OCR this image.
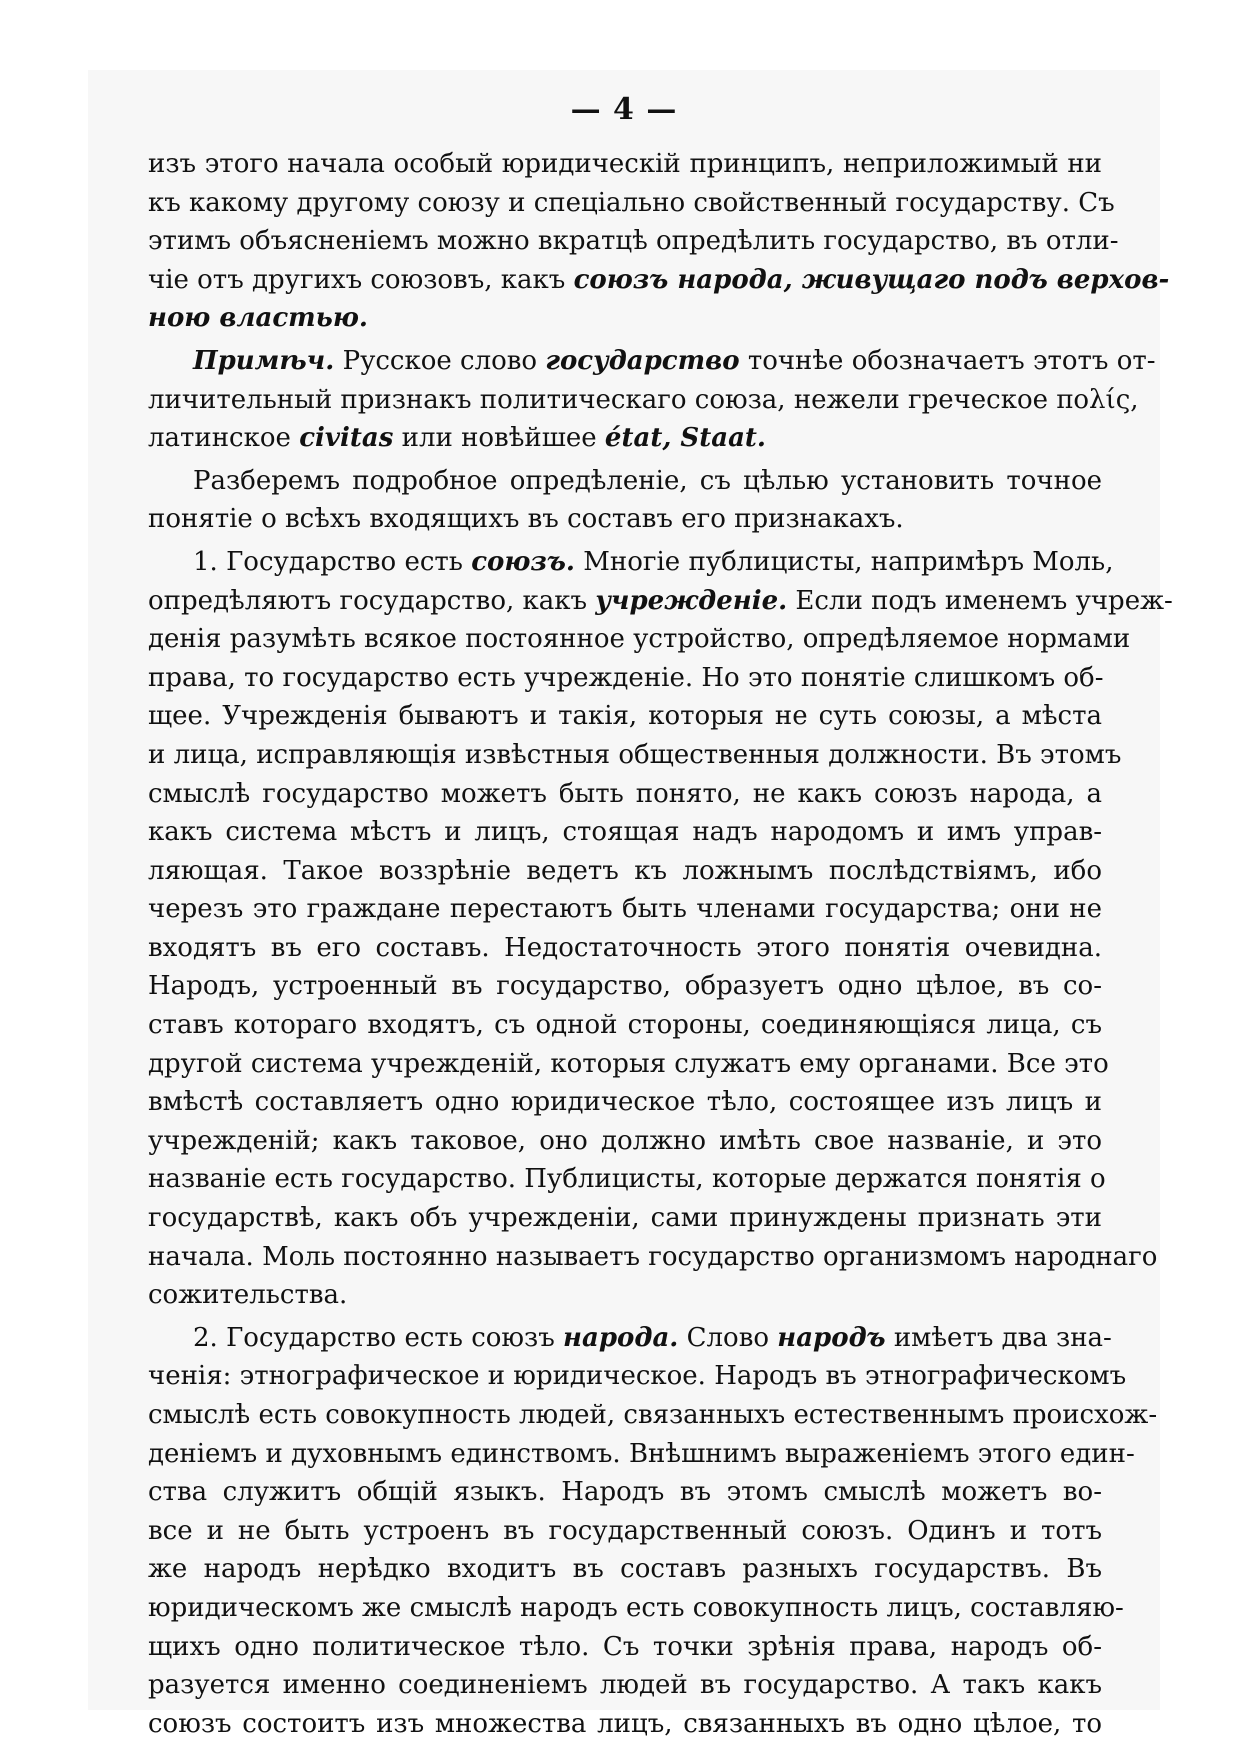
— 4 —
изъ этого начала особый юридическій принципъ, неприложимый ни
къ какому другому союзу и спеціально свойственный государству. Съ
этимъ объясненіемъ можно вкратцѣ опредѣлить государство, въ отли-
чіе отъ другихъ союзовъ, какъ союзъ народа, живущаго подъ верхов-
ною властью.
Примѣч. Русское слово государство точнѣе обозначаетъ этотъ от-
личительный признакъ политическаго союза, нежели греческое πολίς,
латинское civitas или новѣйшее état, Staat.
Разберемъ подробное опредѣленіе, съ цѣлью установить точное
понятіе о всѣхъ входящихъ въ составъ его признакахъ.
1. Государство есть союзъ. Многіе публицисты, напримѣръ Моль,
опредѣляютъ государство, какъ учрежденіе. Если подъ именемъ учреж-
денія разумѣть всякое постоянное устройство, опредѣляемое нормами
права, то государство есть учрежденіе. Но это понятіе слишкомъ об-
щее. Учрежденія бываютъ и такія, которыя не суть союзы, а мѣста
и лица, исправляющія извѣстныя общественныя должности. Въ этомъ
смыслѣ государство можетъ быть понято, не какъ союзъ народа, а
какъ система мѣстъ и лицъ, стоящая надъ народомъ и имъ управ-
ляющая. Такое воззрѣніе ведетъ къ ложнымъ послѣдствіямъ, ибо
черезъ это граждане перестаютъ быть членами государства; они не
входятъ въ его составъ. Недостаточность этого понятія очевидна.
Народъ, устроенный въ государство, образуетъ одно цѣлое, въ со-
ставъ котораго входятъ, съ одной стороны, соединяющіяся лица, съ
другой система учрежденій, которыя служатъ ему органами. Все это
вмѣстѣ составляетъ одно юридическое тѣло, состоящее изъ лицъ и
учрежденій; какъ таковое, оно должно имѣть свое названіе, и это
названіе есть государство. Публицисты, которые держатся понятія о
государствѣ, какъ объ учрежденіи, сами принуждены признать эти
начала. Моль постоянно называетъ государство организмомъ народнаго
сожительства.
2. Государство есть союзъ народа. Слово народъ имѣетъ два зна-
ченія: этнографическое и юридическое. Народъ въ этнографическомъ
смыслѣ есть совокупность людей, связанныхъ естественнымъ происхож-
деніемъ и духовнымъ единствомъ. Внѣшнимъ выраженіемъ этого един-
ства служитъ общій языкъ. Народъ въ этомъ смыслѣ можетъ во-
все и не быть устроенъ въ государственный союзъ. Одинъ и тотъ
же народъ нерѣдко входитъ въ составъ разныхъ государствъ. Въ
юридическомъ же смыслѣ народъ есть совокупность лицъ, составляю-
щихъ одно политическое тѣло. Съ точки зрѣнія права, народъ об-
разуется именно соединеніемъ людей въ государство. А такъ какъ
союзъ состоитъ изъ множества лицъ, связанныхъ въ одно цѣлое, то
